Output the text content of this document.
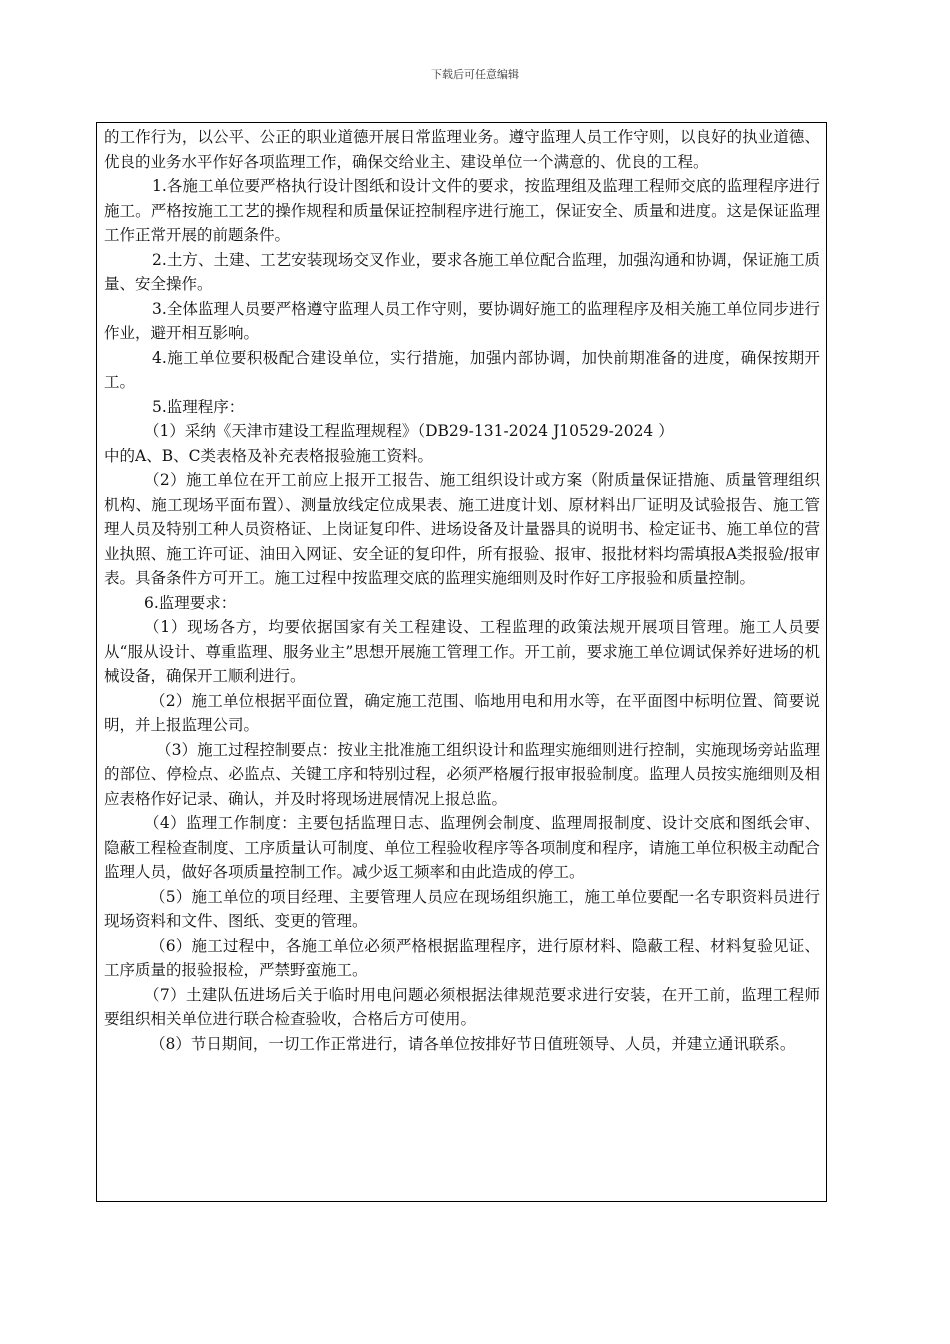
下载后可任意编辑

的工作行为，以公平、公正的职业道德开展日常监理业务。遵守监理人员工作守则，以良好的执业道德、优良的业务水平作好各项监理工作，确保交给业主、建设单位一个满意的、优良的工程。

1.各施工单位要严格执行设计图纸和设计文件的要求，按监理组及监理工程师交底的监理程序进行施工。严格按施工工艺的操作规程和质量保证控制程序进行施工，保证安全、质量和进度。这是保证监理工作正常开展的前题条件。

2.土方、土建、工艺安装现场交叉作业，要求各施工单位配合监理，加强沟通和协调，保证施工质量、安全操作。

3.全体监理人员要严格遵守监理人员工作守则，要协调好施工的监理程序及相关施工单位同步进行作业，避开相互影响。

4.施工单位要积极配合建设单位，实行措施，加强内部协调，加快前期准备的进度，确保按期开工。

5.监理程序：

（1）采纳《天津市建设工程监理规程》（DB29-131-2024 J10529-2024 ）

中的A、B、C类表格及补充表格报验施工资料。

（2）施工单位在开工前应上报开工报告、施工组织设计或方案（附质量保证措施、质量管理组织机构、施工现场平面布置）、测量放线定位成果表、施工进度计划、原材料出厂证明及试验报告、施工管理人员及特别工种人员资格证、上岗证复印件、进场设备及计量器具的说明书、检定证书、施工单位的营业执照、施工许可证、油田入网证、安全证的复印件，所有报验、报审、报批材料均需填报A类报验/报审表。具备条件方可开工。施工过程中按监理交底的监理实施细则及时作好工序报验和质量控制。

6.监理要求：

（1）现场各方，均要依据国家有关工程建设、工程监理的政策法规开展项目管理。施工人员要从“服从设计、尊重监理、服务业主”思想开展施工管理工作。开工前，要求施工单位调试保养好进场的机械设备，确保开工顺利进行。

（2）施工单位根据平面位置，确定施工范围、临地用电和用水等，在平面图中标明位置、简要说明，并上报监理公司。

（3）施工过程控制要点：按业主批准施工组织设计和监理实施细则进行控制，实施现场旁站监理的部位、停检点、必监点、关键工序和特别过程，必须严格履行报审报验制度。监理人员按实施细则及相应表格作好记录、确认，并及时将现场进展情况上报总监。

（4）监理工作制度：主要包括监理日志、监理例会制度、监理周报制度、设计交底和图纸会审、隐蔽工程检查制度、工序质量认可制度、单位工程验收程序等各项制度和程序，请施工单位积极主动配合监理人员，做好各项质量控制工作。减少返工频率和由此造成的停工。

（5）施工单位的项目经理、主要管理人员应在现场组织施工，施工单位要配一名专职资料员进行现场资料和文件、图纸、变更的管理。

（6）施工过程中，各施工单位必须严格根据监理程序，进行原材料、隐蔽工程、材料复验见证、工序质量的报验报检，严禁野蛮施工。

（7）土建队伍进场后关于临时用电问题必须根据法律规范要求进行安装，在开工前，监理工程师要组织相关单位进行联合检查验收，合格后方可使用。

（8）节日期间，一切工作正常进行，请各单位按排好节日值班领导、人员，并建立通讯联系。
